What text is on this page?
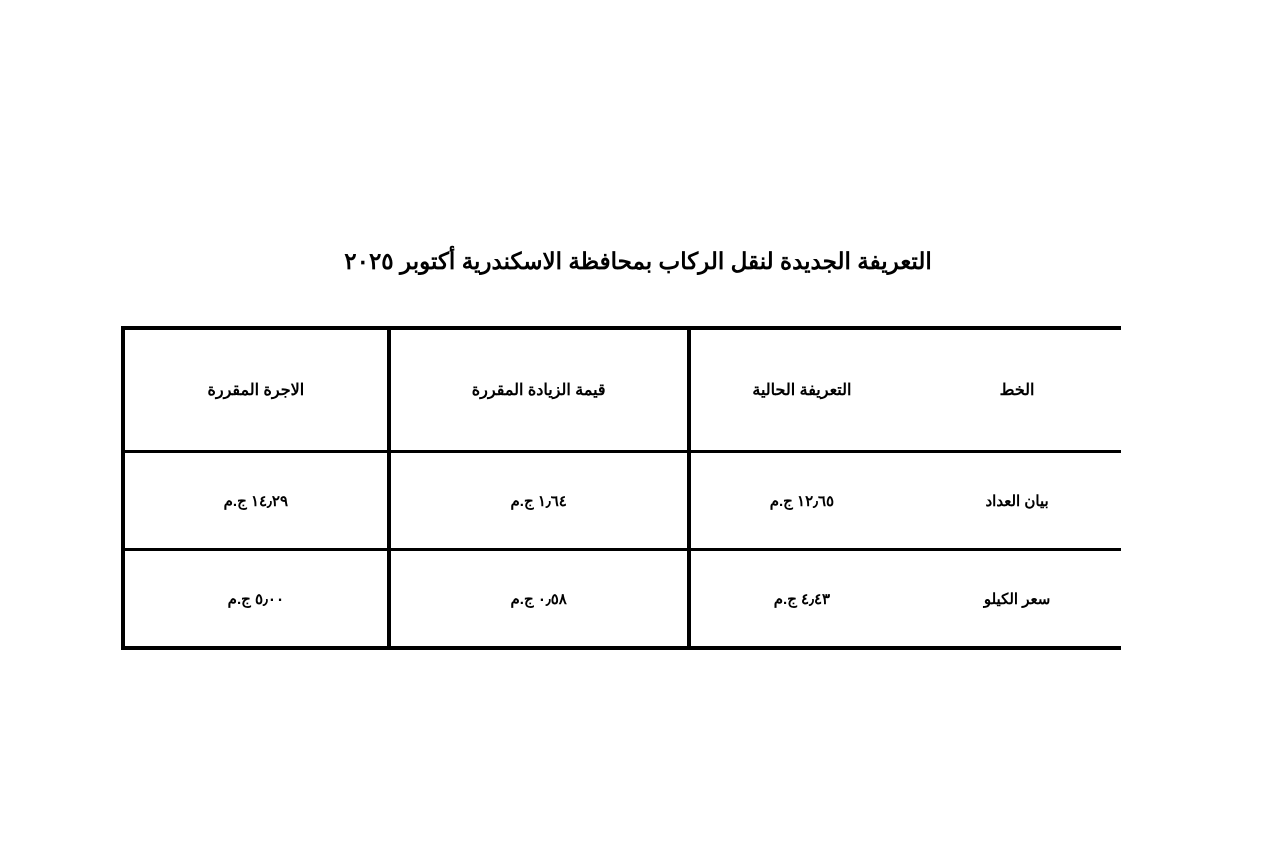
التعريفة الجديدة لنقل الركاب بمحافظة الاسكندرية أكتوبر ٢٠٢٥
الخط	التعريفة الحالية	قيمة الزيادة المقررة	الاجرة المقررة

بيان العداد	١٢٫٦٥ ج.م	١٫٦٤ ج.م	١٤٫٢٩ ج.م

سعر الكيلو	٤٫٤٣ ج.م	٠٫٥٨ ج.م	٥٫٠٠ ج.م
